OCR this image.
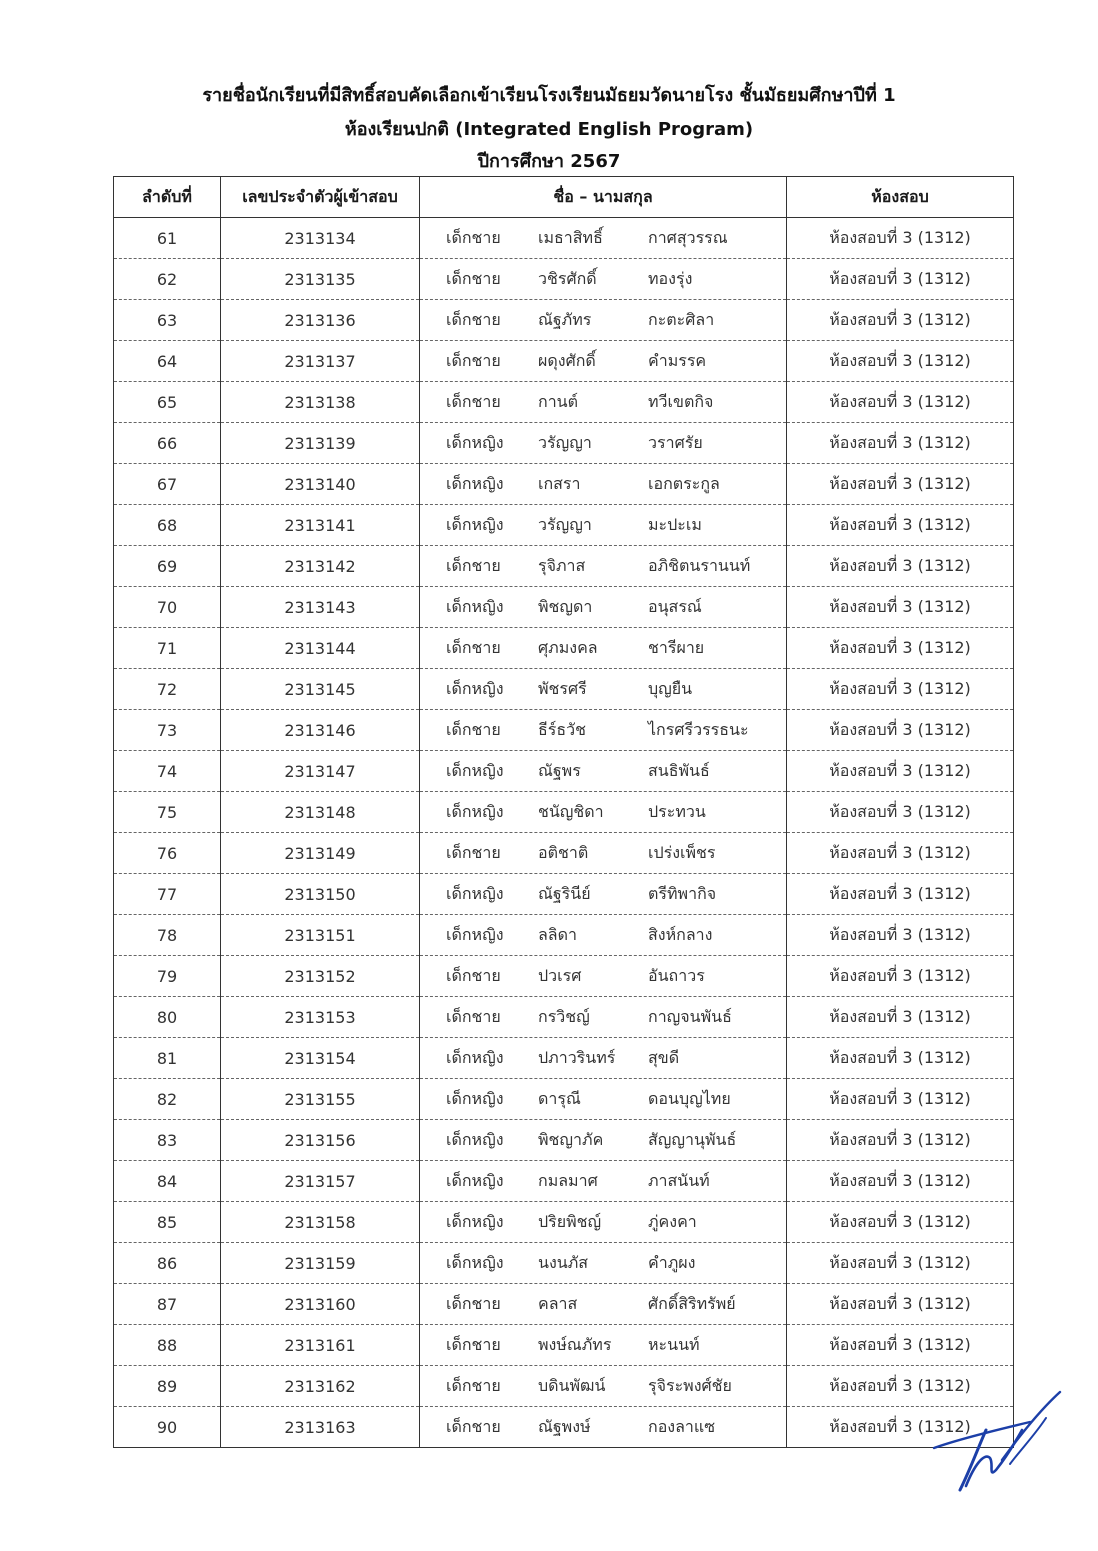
รายชื่อนักเรียนที่มีสิทธิ์สอบคัดเลือกเข้าเรียนโรงเรียนมัธยมวัดนายโรง ชั้นมัธยมศึกษาปีที่ 1
ห้องเรียนปกติ (Integrated English Program)
ปีการศึกษา 2567
ลำดับที่	เลขประจำตัวผู้เข้าสอบ	ชื่อ – นามสกุล	ห้องสอบ
61	2313134	เด็กชาย เมธาสิทธิ์ กาศสุวรรณ	ห้องสอบที่ 3 (1312)
62	2313135	เด็กชาย วชิรศักดิ์ ทองรุ่ง	ห้องสอบที่ 3 (1312)
63	2313136	เด็กชาย ณัฐภัทร กะตะศิลา	ห้องสอบที่ 3 (1312)
64	2313137	เด็กชาย ผดุงศักดิ์ คำมรรค	ห้องสอบที่ 3 (1312)
65	2313138	เด็กชาย กานต์ ทวีเขตกิจ	ห้องสอบที่ 3 (1312)
66	2313139	เด็กหญิง วรัญญา วราศรัย	ห้องสอบที่ 3 (1312)
67	2313140	เด็กหญิง เกสรา เอกตระกูล	ห้องสอบที่ 3 (1312)
68	2313141	เด็กหญิง วรัญญา มะปะเม	ห้องสอบที่ 3 (1312)
69	2313142	เด็กชาย รุจิภาส อภิชิตนรานนท์	ห้องสอบที่ 3 (1312)
70	2313143	เด็กหญิง พิชญดา อนุสรณ์	ห้องสอบที่ 3 (1312)
71	2313144	เด็กชาย ศุภมงคล ชารีผาย	ห้องสอบที่ 3 (1312)
72	2313145	เด็กหญิง พัชรศรี บุญยืน	ห้องสอบที่ 3 (1312)
73	2313146	เด็กชาย ธีร์ธวัช ไกรศรีวรรธนะ	ห้องสอบที่ 3 (1312)
74	2313147	เด็กหญิง ณัฐพร สนธิพันธ์	ห้องสอบที่ 3 (1312)
75	2313148	เด็กหญิง ชนัญชิดา ประทวน	ห้องสอบที่ 3 (1312)
76	2313149	เด็กชาย อติชาติ เปร่งเพ็ชร	ห้องสอบที่ 3 (1312)
77	2313150	เด็กหญิง ณัฐรินีย์ ตรีทิพากิจ	ห้องสอบที่ 3 (1312)
78	2313151	เด็กหญิง ลลิดา สิงห์กลาง	ห้องสอบที่ 3 (1312)
79	2313152	เด็กชาย ปวเรศ อันถาวร	ห้องสอบที่ 3 (1312)
80	2313153	เด็กชาย กรวิชญ์ กาญจนพันธ์	ห้องสอบที่ 3 (1312)
81	2313154	เด็กหญิง ปภาวรินทร์ สุขดี	ห้องสอบที่ 3 (1312)
82	2313155	เด็กหญิง ดารุณี ดอนบุญไทย	ห้องสอบที่ 3 (1312)
83	2313156	เด็กหญิง พิชญาภัค สัญญานุพันธ์	ห้องสอบที่ 3 (1312)
84	2313157	เด็กหญิง กมลมาศ ภาสนันท์	ห้องสอบที่ 3 (1312)
85	2313158	เด็กหญิง ปริยพิชญ์ ภู่คงคา	ห้องสอบที่ 3 (1312)
86	2313159	เด็กหญิง นงนภัส คำภูผง	ห้องสอบที่ 3 (1312)
87	2313160	เด็กชาย คลาส ศักดิ์สิริทรัพย์	ห้องสอบที่ 3 (1312)
88	2313161	เด็กชาย พงษ์ณภัทร หะนนท์	ห้องสอบที่ 3 (1312)
89	2313162	เด็กชาย บดินพัฒน์ รุจิระพงศ์ชัย	ห้องสอบที่ 3 (1312)
90	2313163	เด็กชาย ณัฐพงษ์ กองลาแซ	ห้องสอบที่ 3 (1312)
